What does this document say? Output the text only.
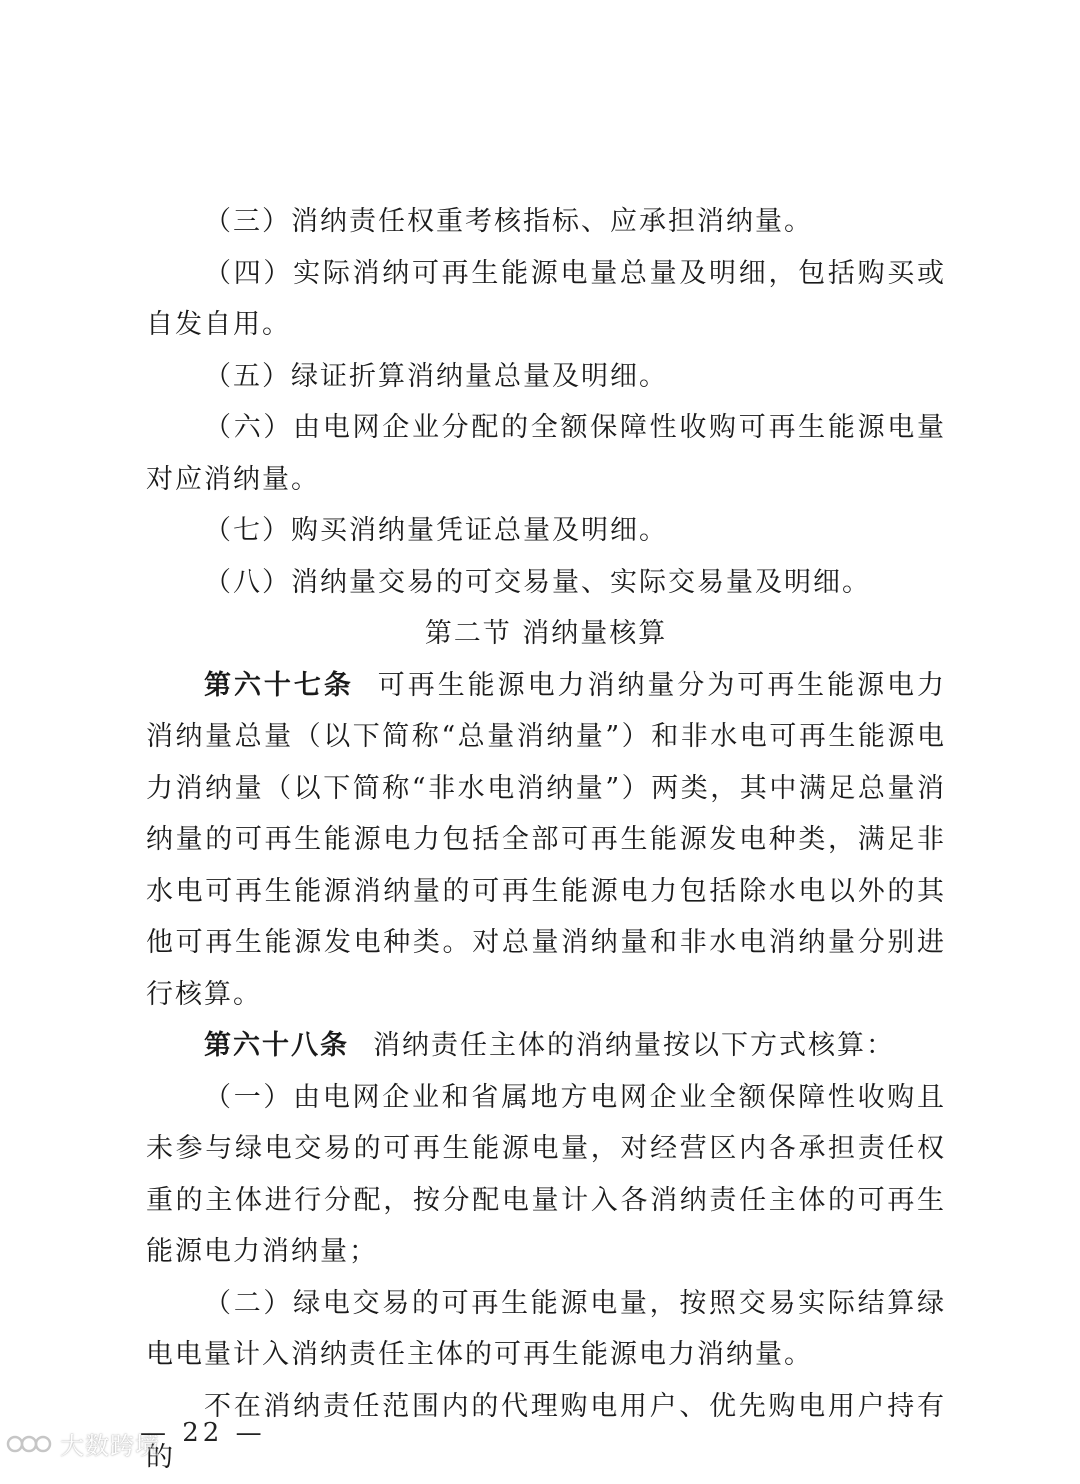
（三）消纳责任权重考核指标、应承担消纳量。

（四）实际消纳可再生能源电量总量及明细，包括购买或自发自用。

（五）绿证折算消纳量总量及明细。

（六）由电网企业分配的全额保障性收购可再生能源电量对应消纳量。

（七）购买消纳量凭证总量及明细。

（八）消纳量交易的可交易量、实际交易量及明细。

第二节 消纳量核算

第六十七条 可再生能源电力消纳量分为可再生能源电力消纳量总量（以下简称“总量消纳量”）和非水电可再生能源电力消纳量（以下简称“非水电消纳量”）两类，其中满足总量消纳量的可再生能源电力包括全部可再生能源发电种类，满足非水电可再生能源消纳量的可再生能源电力包括除水电以外的其他可再生能源发电种类。对总量消纳量和非水电消纳量分别进行核算。

第六十八条 消纳责任主体的消纳量按以下方式核算：

（一）由电网企业和省属地方电网企业全额保障性收购且未参与绿电交易的可再生能源电量，对经营区内各承担责任权重的主体进行分配，按分配电量计入各消纳责任主体的可再生能源电力消纳量；

（二）绿电交易的可再生能源电量，按照交易实际结算绿电电量计入消纳责任主体的可再生能源电力消纳量。

不在消纳责任范围内的代理购电用户、优先购电用户持有的

大数跨境
— 22 —
